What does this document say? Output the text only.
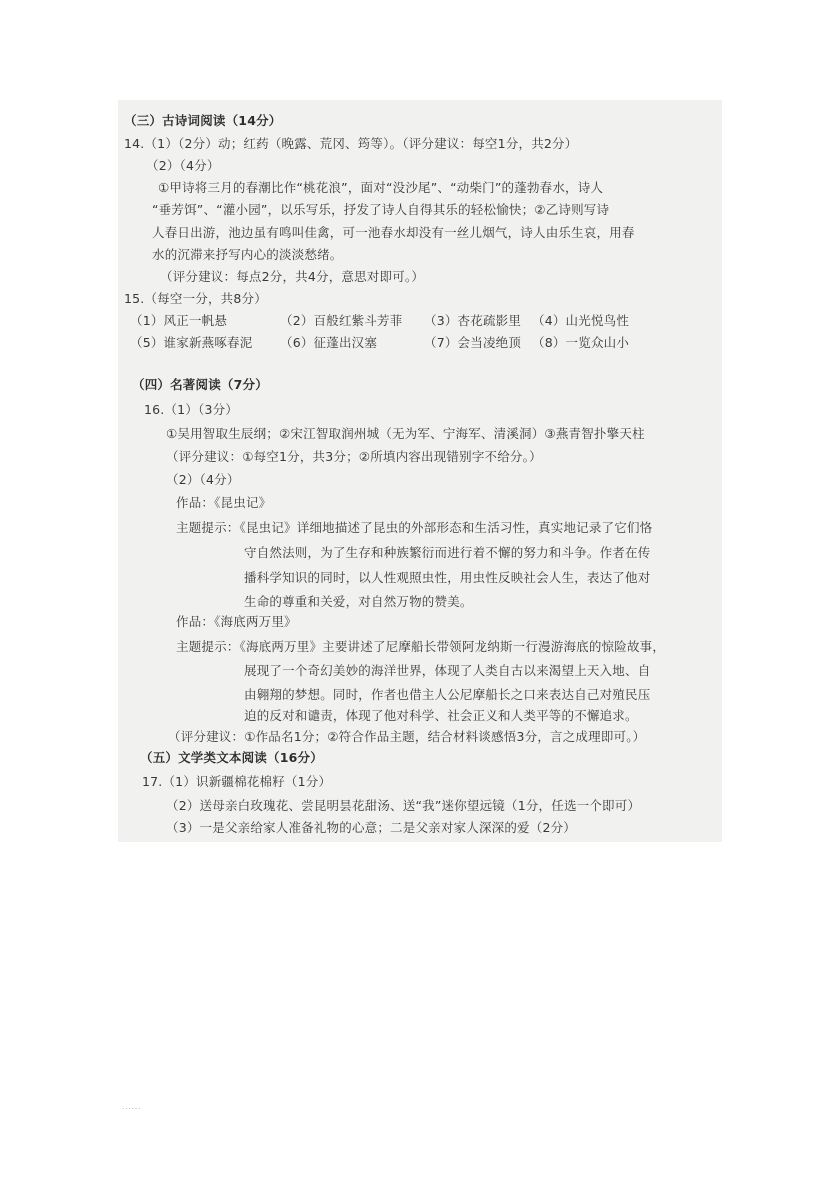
（三）古诗词阅读（14分）
14.（1）（2分）动；红药（晚露、荒冈、筠等）。（评分建议：每空1分，共2分）
（2）（4分）
①甲诗将三月的春潮比作“桃花浪”，面对“没沙尾”、“动柴门”的蓬勃春水，诗人
“垂芳饵”、“灌小园”，以乐写乐，抒发了诗人自得其乐的轻松愉快；②乙诗则写诗
人春日出游，池边虽有鸣叫佳禽，可一池春水却没有一丝儿烟气，诗人由乐生哀，用春
水的沉滞来抒写内心的淡淡愁绪。
（评分建议：每点2分，共4分，意思对即可。）
15.（每空一分，共8分）
（1）风正一帆悬	（2）百般红紫斗芳菲 （3）杏花疏影里 （4）山光悦鸟性
（5）谁家新燕啄春泥 （6）征蓬出汉塞	（7）会当凌绝顶 （8）一览众山小
（四）名著阅读（7分）
16.（1）（3分）
①吴用智取生辰纲；②宋江智取润州城（无为军、宁海军、清溪洞）③燕青智扑擎天柱
（评分建议：①每空1分，共3分；②所填内容出现错别字不给分。）
（2）（4分）
作品：《昆虫记》
主题提示：《昆虫记》详细地描述了昆虫的外部形态和生活习性，真实地记录了它们恪
守自然法则，为了生存和种族繁衍而进行着不懈的努力和斗争。作者在传
播科学知识的同时，以人性观照虫性，用虫性反映社会人生，表达了他对
生命的尊重和关爱，对自然万物的赞美。
作品：《海底两万里》
主题提示：《海底两万里》主要讲述了尼摩船长带领阿龙纳斯一行漫游海底的惊险故事，
展现了一个奇幻美妙的海洋世界，体现了人类自古以来渴望上天入地、自
由翱翔的梦想。同时，作者也借主人公尼摩船长之口来表达自己对殖民压
迫的反对和谴责，体现了他对科学、社会正义和人类平等的不懈追求。
（评分建议：①作品名1分；②符合作品主题，结合材料谈感悟3分，言之成理即可。）
（五）文学类文本阅读（16分）
17.（1）识新疆棉花棉籽（1分）
（2）送母亲白玫瑰花、尝昆明昙花甜汤、送“我”迷你望远镜（1分，任选一个即可）
（3）一是父亲给家人准备礼物的心意；二是父亲对家人深深的爱（2分）
......
